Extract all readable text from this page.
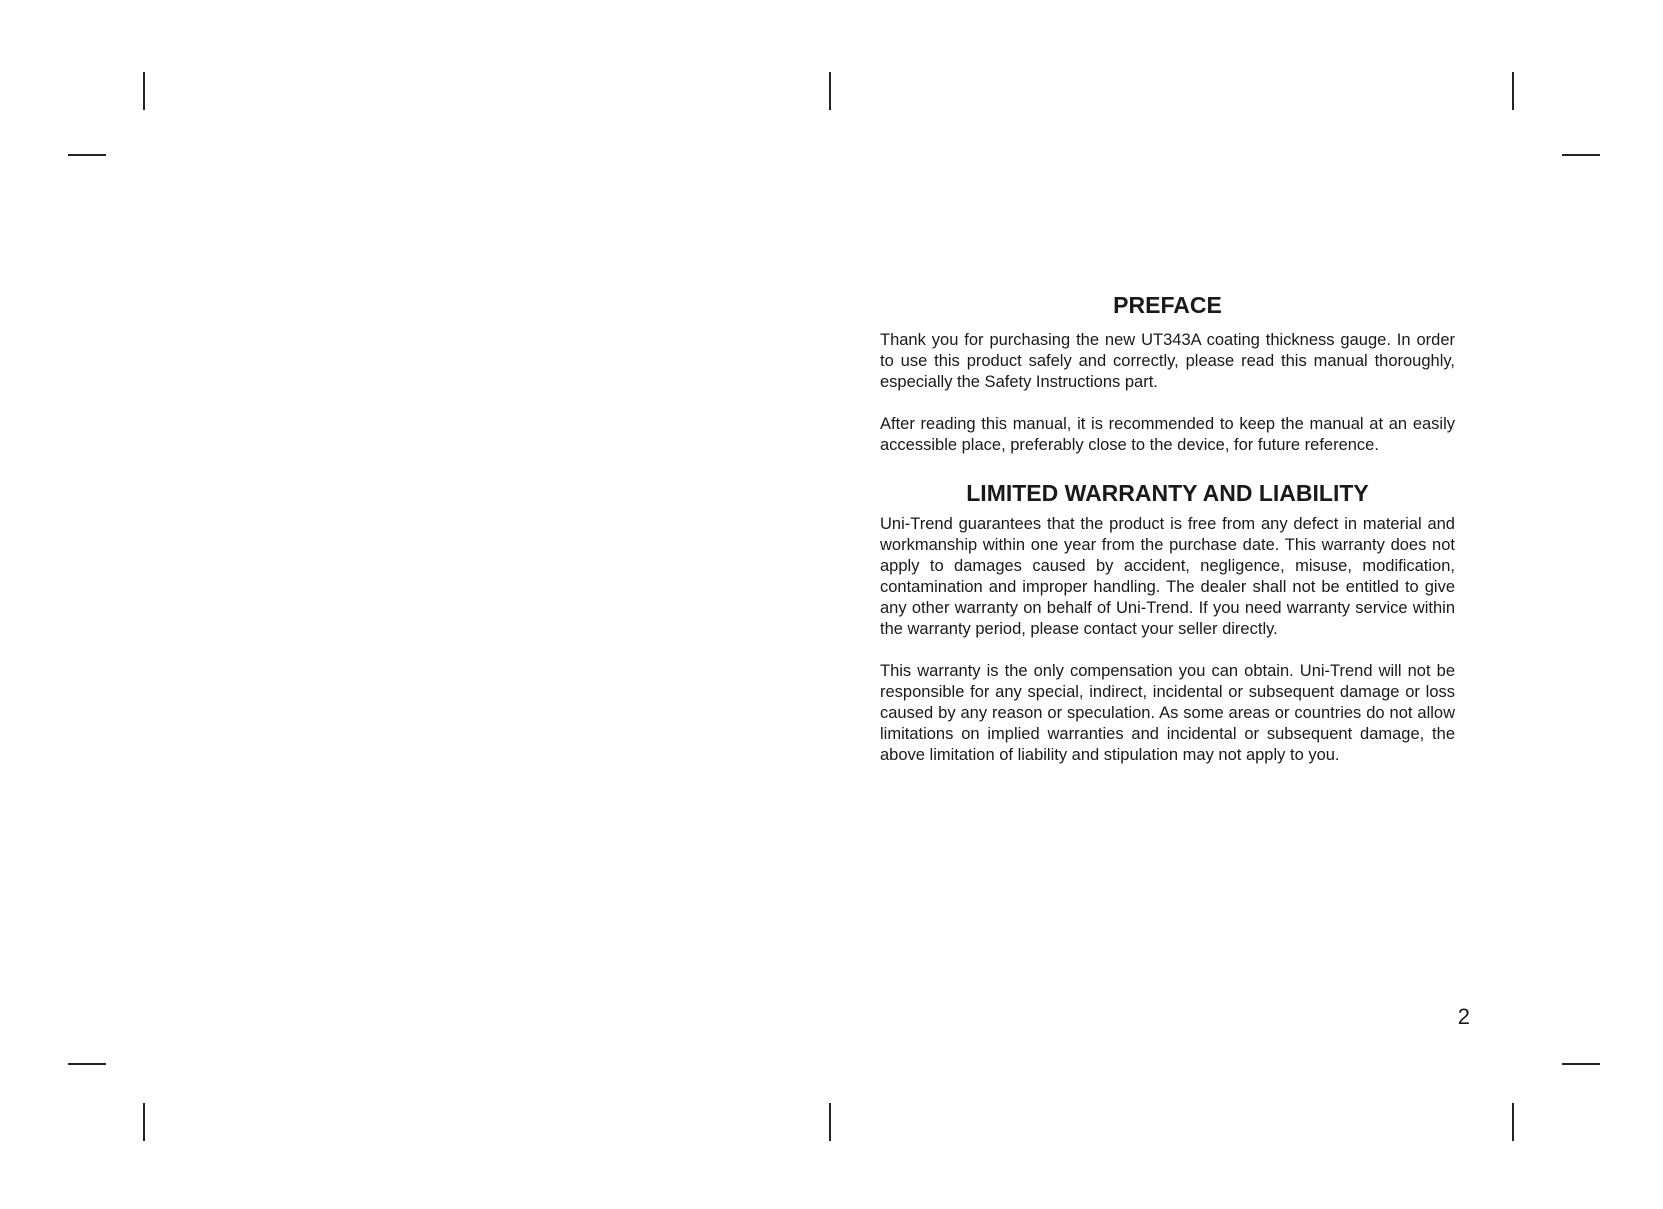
PREFACE

Thank you for purchasing the new UT343A coating thickness gauge. In order to use this product safely and correctly, please read this manual thoroughly, especially the Safety Instructions part.

After reading this manual, it is recommended to keep the manual at an easily accessible place, preferably close to the device, for future reference.

LIMITED WARRANTY AND LIABILITY

Uni-Trend guarantees that the product is free from any defect in material and workmanship within one year from the purchase date. This warranty does not apply to damages caused by accident, negligence, misuse, modification, contamination and improper handling. The dealer shall not be entitled to give any other warranty on behalf of Uni-Trend. If you need warranty service within the warranty period, please contact your seller directly.

This warranty is the only compensation you can obtain. Uni-Trend will not be responsible for any special, indirect, incidental or subsequent damage or loss caused by any reason or speculation. As some areas or countries do not allow limitations on implied warranties and incidental or subsequent damage, the above limitation of liability and stipulation may not apply to you.

2
